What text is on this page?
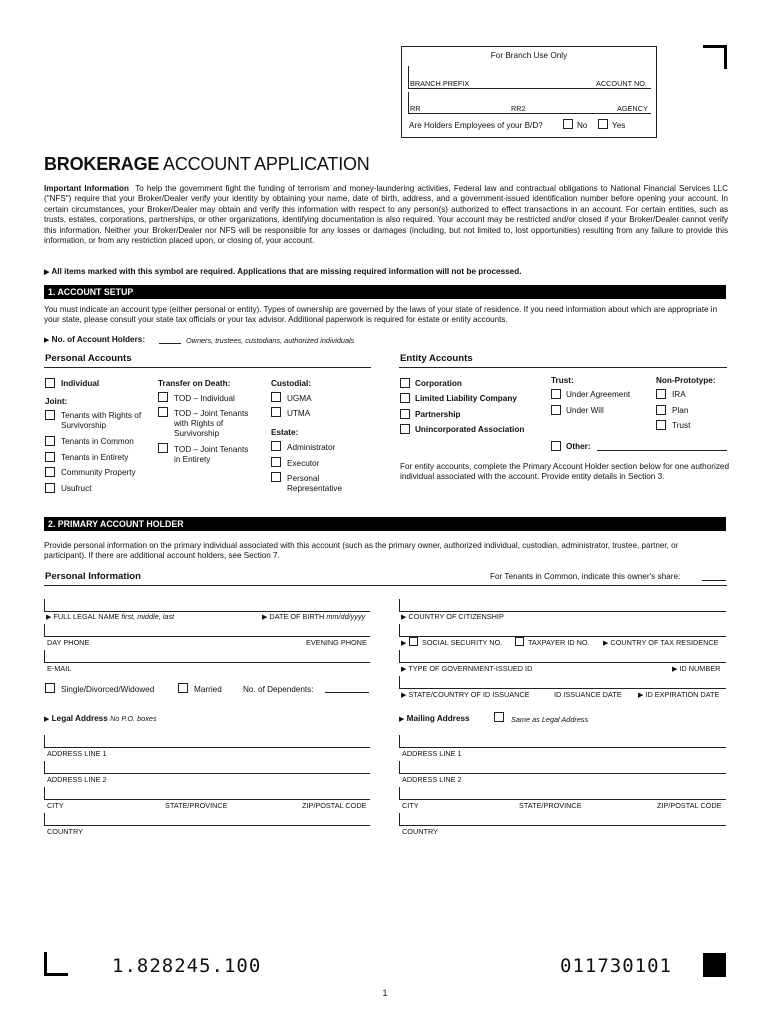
For Branch Use Only
BRANCH PREFIX	ACCOUNT NO.
RR	RR2	AGENCY
Are Holders Employees of your B/D?	No	Yes
BROKERAGE ACCOUNT APPLICATION
Important Information To help the government fight the funding of terrorism and money-laundering activities, Federal law and contractual obligations to National Financial Services LLC ("NFS") require that your Broker/Dealer verify your identity by obtaining your name, date of birth, address, and a government-issued identification number before opening your account. In certain circumstances, your Broker/Dealer may obtain and verify this information with respect to any person(s) authorized to effect transactions in an account. For certain entities, such as trusts, estates, corporations, partnerships, or other organizations, identifying documentation is also required. Your account may be restricted and/or closed if your Broker/Dealer cannot verify this information. Neither your Broker/Dealer nor NFS will be responsible for any losses or damages (including, but not limited to, lost opportunities) resulting from any failure to provide this information, or from any restriction placed upon, or closing of, your account.
▶ All items marked with this symbol are required. Applications that are missing required information will not be processed.
1. ACCOUNT SETUP
You must indicate an account type (either personal or entity). Types of ownership are governed by the laws of your state of residence. If you need information about which are appropriate in your state, please consult your state tax officials or your tax advisor. Additional paperwork is required for estate or entity accounts.
▶ No. of Account Holders:	Owners, trustees, custodians, authorized individuals
Personal Accounts	Entity Accounts
Individual
Joint:
Tenants with Rights of Survivorship
Tenants in Common
Tenants in Entirety
Community Property
Usufruct
Transfer on Death:
TOD – Individual
TOD – Joint Tenants with Rights of Survivorship
TOD – Joint Tenants in Entirety
Custodial:
UGMA
UTMA
Estate:
Administrator
Executor
Personal Representative
Corporation
Limited Liability Company
Partnership
Unincorporated Association
Trust:
Under Agreement
Under Will
Non-Prototype:
IRA
Plan
Trust
Other:
For entity accounts, complete the Primary Account Holder section below for one authorized individual associated with the account. Provide entity details in Section 3.
2. PRIMARY ACCOUNT HOLDER
Provide personal information on the primary individual associated with this account (such as the primary owner, authorized individual, custodian, administrator, trustee, partner, or participant). If there are additional account holders, see Section 7.
Personal Information	For Tenants in Common, indicate this owner's share:
▶ FULL LEGAL NAME first, middle, last	▶ DATE OF BIRTH mm/dd/yyyy	▶ COUNTRY OF CITIZENSHIP
DAY PHONE	EVENING PHONE	▶ SOCIAL SECURITY NO.	TAXPAYER ID NO. ▶ COUNTRY OF TAX RESIDENCE
E-MAIL	▶ TYPE OF GOVERNMENT-ISSUED ID	▶ ID NUMBER
Single/Divorced/Widowed	Married	No. of Dependents:
▶ STATE/COUNTRY OF ID ISSUANCE	ID ISSUANCE DATE ▶ ID EXPIRATION DATE
▶ Legal Address No P.O. boxes	▶ Mailing Address	Same as Legal Address
ADDRESS LINE 1
ADDRESS LINE 2
CITY	STATE/PROVINCE	ZIP/POSTAL CODE
COUNTRY
ADDRESS LINE 1
ADDRESS LINE 2
CITY	STATE/PROVINCE	ZIP/POSTAL CODE
COUNTRY
1.828245.100	011730101
1
